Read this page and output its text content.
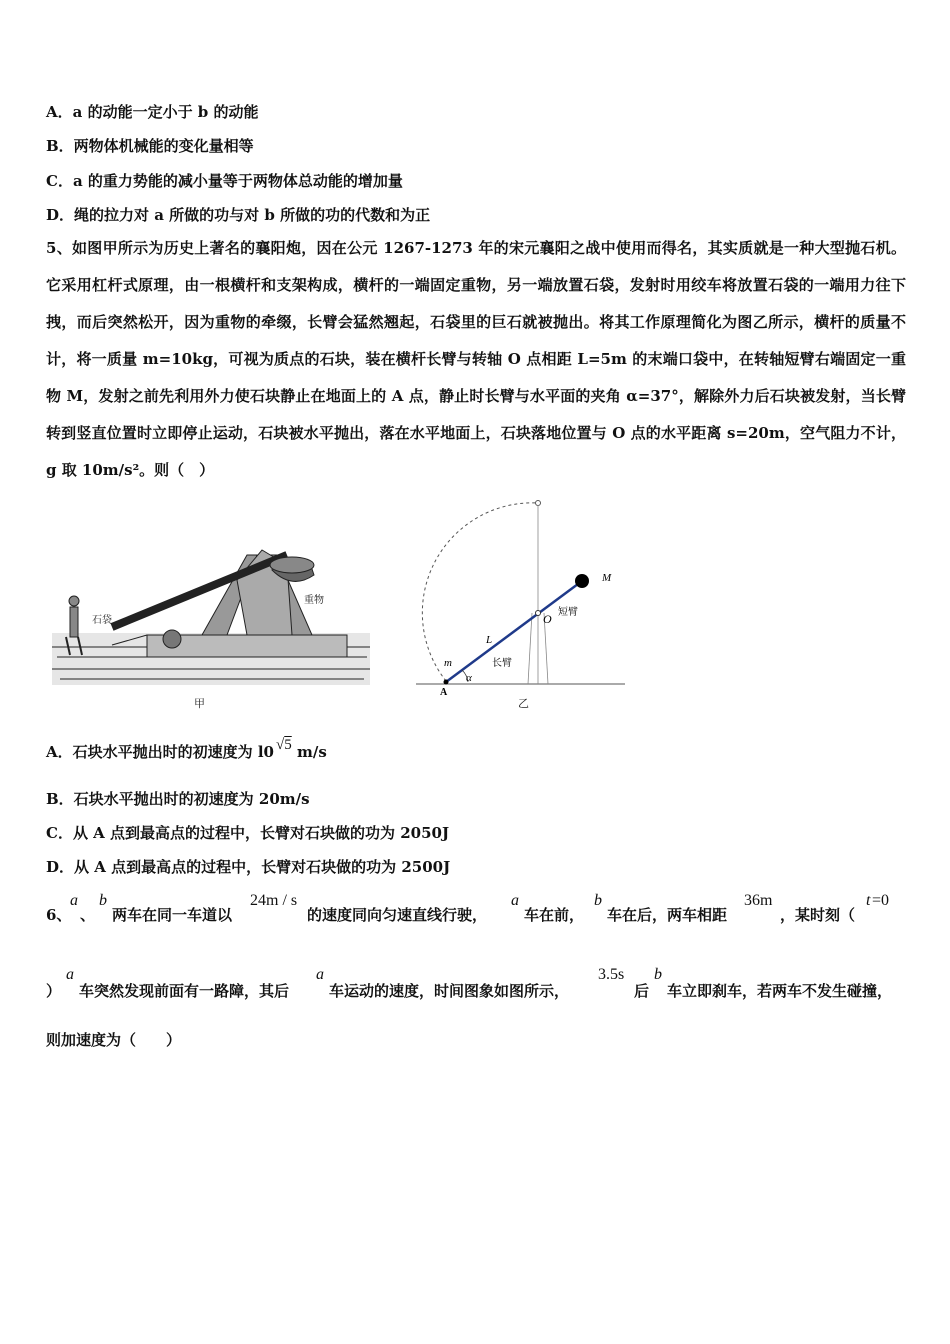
A．a 的动能一定小于 b 的动能
B．两物体机械能的变化量相等
C．a 的重力势能的减小量等于两物体总动能的增加量
D．绳的拉力对 a 所做的功与对 b 所做的功的代数和为正
5、如图甲所示为历史上著名的襄阳炮，因在公元 1267-1273 年的宋元襄阳之战中使用而得名，其实质就是一种大型抛石机。它采用杠杆式原理，由一根横杆和支架构成，横杆的一端固定重物，另一端放置石袋，发射时用绞车将放置石袋的一端用力往下拽，而后突然松开，因为重物的牵缀，长臂会猛然翘起，石袋里的巨石就被抛出。将其工作原理简化为图乙所示，横杆的质量不计，将一质量 m=10kg，可视为质点的石块，装在横杆长臂与转轴 O 点相距 L=5m 的末端口袋中，在转轴短臂右端固定一重物 M，发射之前先利用外力使石块静止在地面上的 A 点，静止时长臂与水平面的夹角 α=37°，解除外力后石块被发射，当长臂转到竖直位置时立即停止运动，石块被水平抛出，落在水平地面上，石块落地位置与 O 点的水平距离 s=20m，空气阻力不计，g 取 10m/s²。则（　）
石袋
重物
甲
M
O 短臂
L
长臂
m
A
α
乙
A．石块水平抛出时的初速度为 l0 √5 m/s
B．石块水平抛出时的初速度为 20m/s
C．从 A 点到最高点的过程中，长臂对石块做的功为 2050J
D．从 A 点到最高点的过程中，长臂对石块做的功为 2500J
6、
a
、
b
两车在同一车道以
24m / s
的速度同向匀速直线行驶，
a
车在前，
b
车在后，两车相距
36m
，某时刻（
t =0
）
a
车突然发现前面有一路障，其后
a
车运动的速度，时间图象如图所示，
3.5s
后
b
车立即刹车，若两车不发生碰撞，
则加速度为（　　）
